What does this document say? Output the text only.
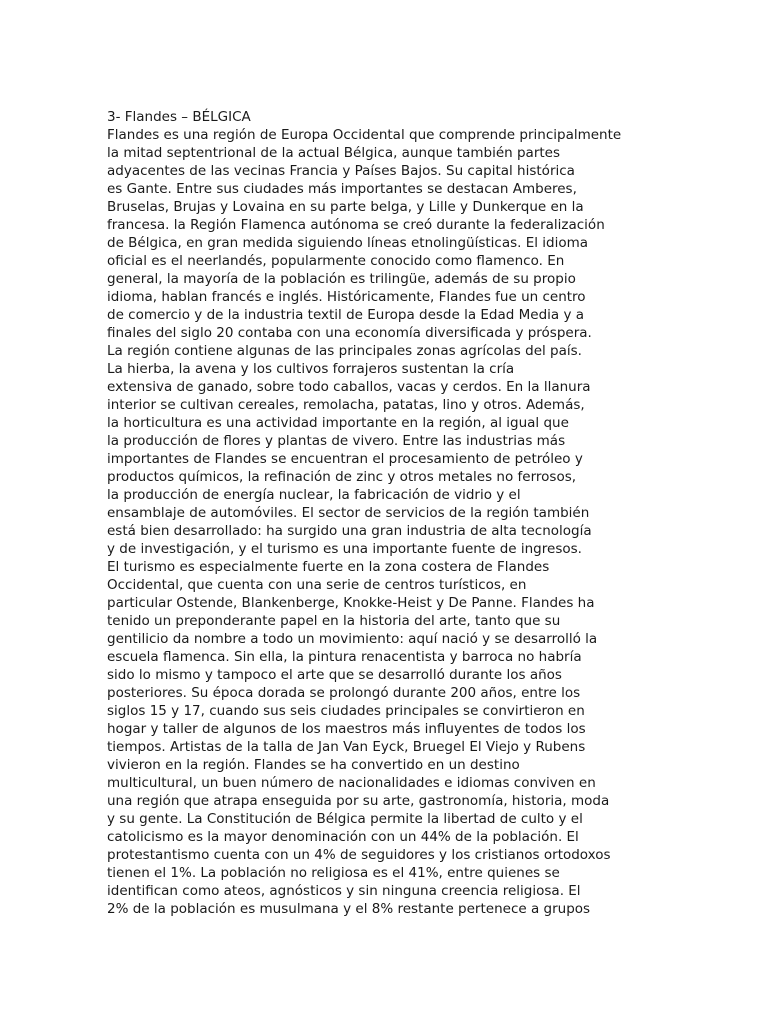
3- Flandes – BÉLGICA
Flandes es una región de Europa Occidental que comprende principalmente
la mitad septentrional de la actual Bélgica, aunque también partes
adyacentes de las vecinas Francia y Países Bajos. Su capital histórica
es Gante. Entre sus ciudades más importantes se destacan Amberes,
Bruselas, Brujas y Lovaina en su parte belga, y Lille y Dunkerque en la
francesa. la Región Flamenca autónoma se creó durante la federalización
de Bélgica, en gran medida siguiendo líneas etnolingüísticas. El idioma
oficial es el neerlandés, popularmente conocido como flamenco. En
general, la mayoría de la población es trilingüe, además de su propio
idioma, hablan francés e inglés. Históricamente, Flandes fue un centro
de comercio y de la industria textil de Europa desde la Edad Media y a
finales del siglo 20 contaba con una economía diversificada y próspera.
La región contiene algunas de las principales zonas agrícolas del país.
La hierba, la avena y los cultivos forrajeros sustentan la cría
extensiva de ganado, sobre todo caballos, vacas y cerdos. En la llanura
interior se cultivan cereales, remolacha, patatas, lino y otros. Además,
la horticultura es una actividad importante en la región, al igual que
la producción de flores y plantas de vivero. Entre las industrias más
importantes de Flandes se encuentran el procesamiento de petróleo y
productos químicos, la refinación de zinc y otros metales no ferrosos,
la producción de energía nuclear, la fabricación de vidrio y el
ensamblaje de automóviles. El sector de servicios de la región también
está bien desarrollado: ha surgido una gran industria de alta tecnología
y de investigación, y el turismo es una importante fuente de ingresos.
El turismo es especialmente fuerte en la zona costera de Flandes
Occidental, que cuenta con una serie de centros turísticos, en
particular Ostende, Blankenberge, Knokke-Heist y De Panne. Flandes ha
tenido un preponderante papel en la historia del arte, tanto que su
gentilicio da nombre a todo un movimiento: aquí nació y se desarrolló la
escuela flamenca. Sin ella, la pintura renacentista y barroca no habría
sido lo mismo y tampoco el arte que se desarrolló durante los años
posteriores. Su época dorada se prolongó durante 200 años, entre los
siglos 15 y 17, cuando sus seis ciudades principales se convirtieron en
hogar y taller de algunos de los maestros más influyentes de todos los
tiempos. Artistas de la talla de Jan Van Eyck, Bruegel El Viejo y Rubens
vivieron en la región. Flandes se ha convertido en un destino
multicultural, un buen número de nacionalidades e idiomas conviven en
una región que atrapa enseguida por su arte, gastronomía, historia, moda
y su gente. La Constitución de Bélgica permite la libertad de culto y el
catolicismo es la mayor denominación con un 44% de la población. El
protestantismo cuenta con un 4% de seguidores y los cristianos ortodoxos
tienen el 1%. La población no religiosa es el 41%, entre quienes se
identifican como ateos, agnósticos y sin ninguna creencia religiosa. El
2% de la población es musulmana y el 8% restante pertenece a grupos
